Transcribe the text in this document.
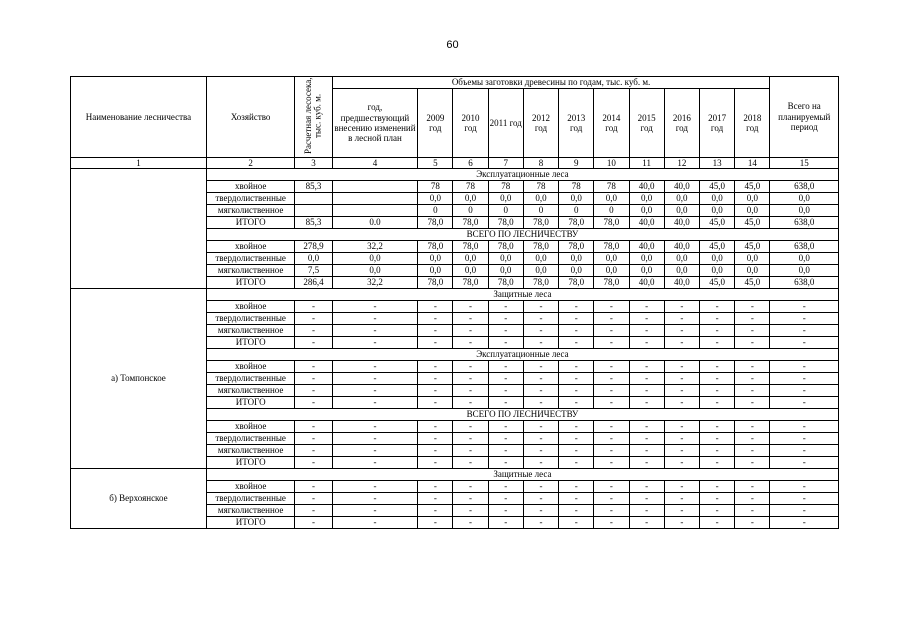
60
Наименование лесничества	Хозяйство	Расчетная лесосека, тыс. куб. м.	Объемы заготовки древесины по годам, тыс. куб. м.											Всего на планируемый период
			год, предшествующий внесению изменений в лесной план	2009 год	2010 год	2011 год	2012 год	2013 год	2014 год	2015 год	2016 год	2017 год	2018 год	
1	2	3	4	5	6	7	8	9	10	11	12	13	14	15
	Эксплуатационные леса													
	хвойное	85,3		78	78	78	78	78	78	40,0	40,0	45,0	45,0	638,0
	твердолиственные			0,0	0,0	0,0	0,0	0,0	0,0	0,0	0,0	0,0	0,0	0,0
	мягколиственное			0	0	0	0	0	0	0,0	0,0	0,0	0,0	0,0
	ИТОГО	85,3	0.0	78,0	78,0	78,0	78,0	78,0	78,0	40,0	40,0	45,0	45,0	638,0
	ВСЕГО ПО ЛЕСНИЧЕСТВУ													
	хвойное	278,9	32,2	78,0	78,0	78,0	78,0	78,0	78,0	40,0	40,0	45,0	45,0	638,0
	твердолиственные	0,0	0,0	0,0	0,0	0,0	0,0	0,0	0,0	0,0	0,0	0,0	0,0	0,0
	мягколиственное	7,5	0,0	0,0	0,0	0,0	0,0	0,0	0,0	0,0	0,0	0,0	0,0	0,0
	ИТОГО	286,4	32,2	78,0	78,0	78,0	78,0	78,0	78,0	40,0	40,0	45,0	45,0	638,0
а) Томпонское	Защитные леса													
	хвойное	-	-	-	-	-	-	-	-	-	-	-	-	-
	твердолиственные	-	-	-	-	-	-	-	-	-	-	-	-	-
	мягколиственное	-	-	-	-	-	-	-	-	-	-	-	-	-
	ИТОГО	-	-	-	-	-	-	-	-	-	-	-	-	-
	Эксплуатационные леса													
	хвойное	-	-	-	-	-	-	-	-	-	-	-	-	-
	твердолиственные	-	-	-	-	-	-	-	-	-	-	-	-	-
	мягколиственное	-	-	-	-	-	-	-	-	-	-	-	-	-
	ИТОГО	-	-	-	-	-	-	-	-	-	-	-	-	-
	ВСЕГО ПО ЛЕСНИЧЕСТВУ													
	хвойное	-	-	-	-	-	-	-	-	-	-	-	-	-
	твердолиственные	-	-	-	-	-	-	-	-	-	-	-	-	-
	мягколиственное	-	-	-	-	-	-	-	-	-	-	-	-	-
	ИТОГО	-	-	-	-	-	-	-	-	-	-	-	-	-
б) Верхоянское	Защитные леса													
	хвойное	-	-	-	-	-	-	-	-	-	-	-	-	-
	твердолиственные	-	-	-	-	-	-	-	-	-	-	-	-	-
	мягколиственное	-	-	-	-	-	-	-	-	-	-	-	-	-
	ИТОГО	-	-	-	-	-	-	-	-	-	-	-	-	-
